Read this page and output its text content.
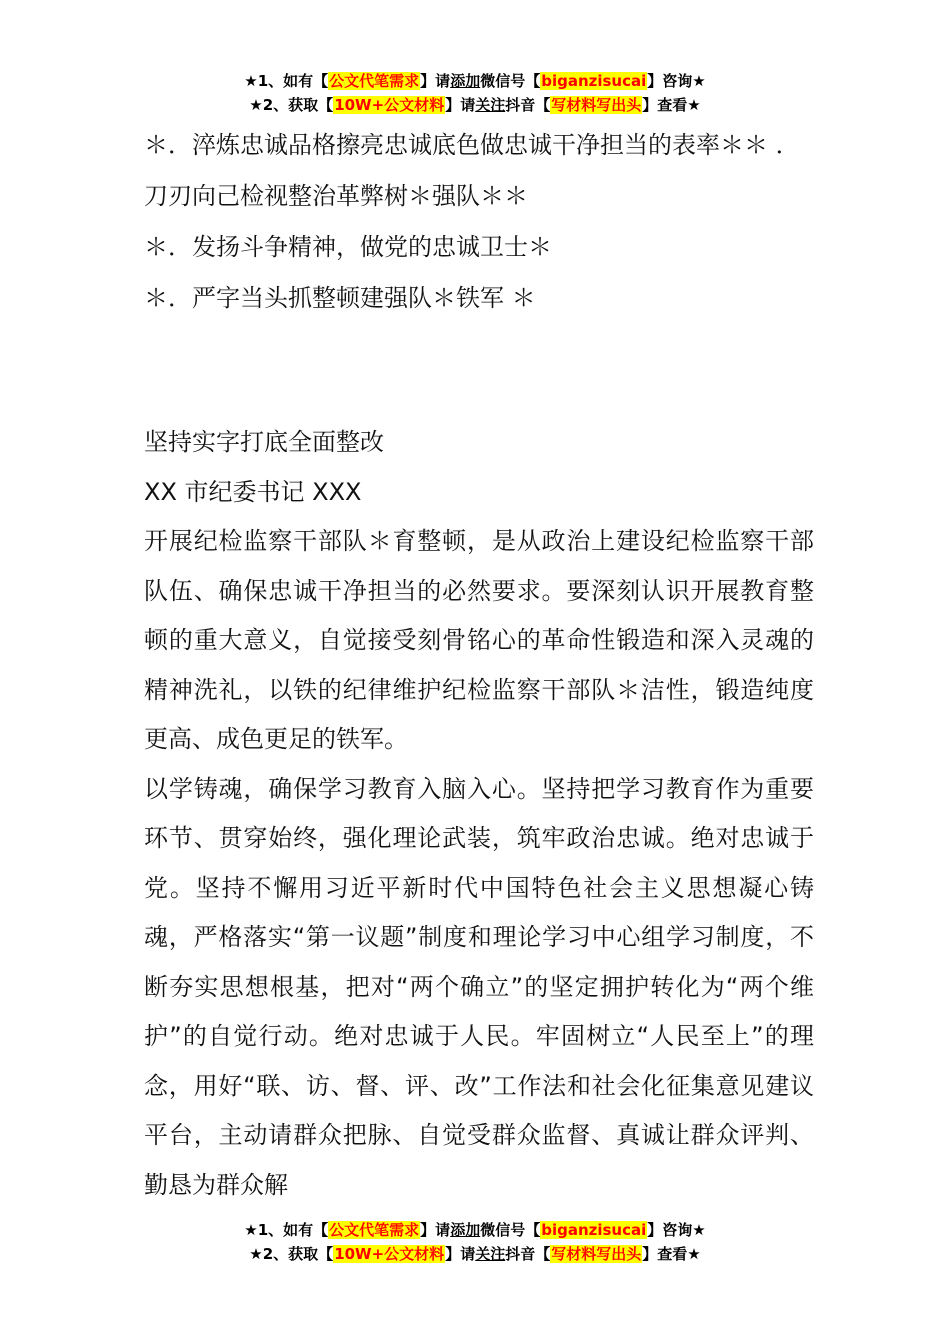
★1、如有【公文代笔需求】请添加微信号【biganzisucai】咨询★
★2、获取【10W+公文材料】请关注抖音【写材料写出头】查看★

＊．淬炼忠诚品格擦亮忠诚底色做忠诚干净担当的表率＊＊ ．

刀刃向己检视整治革弊树＊强队＊＊

＊．发扬斗争精神，做党的忠诚卫士＊

＊．严字当头抓整顿建强队＊铁军 ＊

坚持实字打底全面整改

XX 市纪委书记 XXX

开展纪检监察干部队＊育整顿，是从政治上建设纪检监察干部队伍、确保忠诚干净担当的必然要求。要深刻认识开展教育整顿的重大意义，自觉接受刻骨铭心的革命性锻造和深入灵魂的精神洗礼，以铁的纪律维护纪检监察干部队＊洁性，锻造纯度更高、成色更足的铁军。

以学铸魂，确保学习教育入脑入心。坚持把学习教育作为重要环节、贯穿始终，强化理论武装，筑牢政治忠诚。绝对忠诚于党。坚持不懈用习近平新时代中国特色社会主义思想凝心铸魂，严格落实“第一议题”制度和理论学习中心组学习制度，不断夯实思想根基，把对“两个确立”的坚定拥护转化为“两个维护”的自觉行动。绝对忠诚于人民。牢固树立“人民至上”的理念，用好“联、访、督、评、改”工作法和社会化征集意见建议平台，主动请群众把脉、自觉受群众监督、真诚让群众评判、勤恳为群众解

★1、如有【公文代笔需求】请添加微信号【biganzisucai】咨询★
★2、获取【10W+公文材料】请关注抖音【写材料写出头】查看★
